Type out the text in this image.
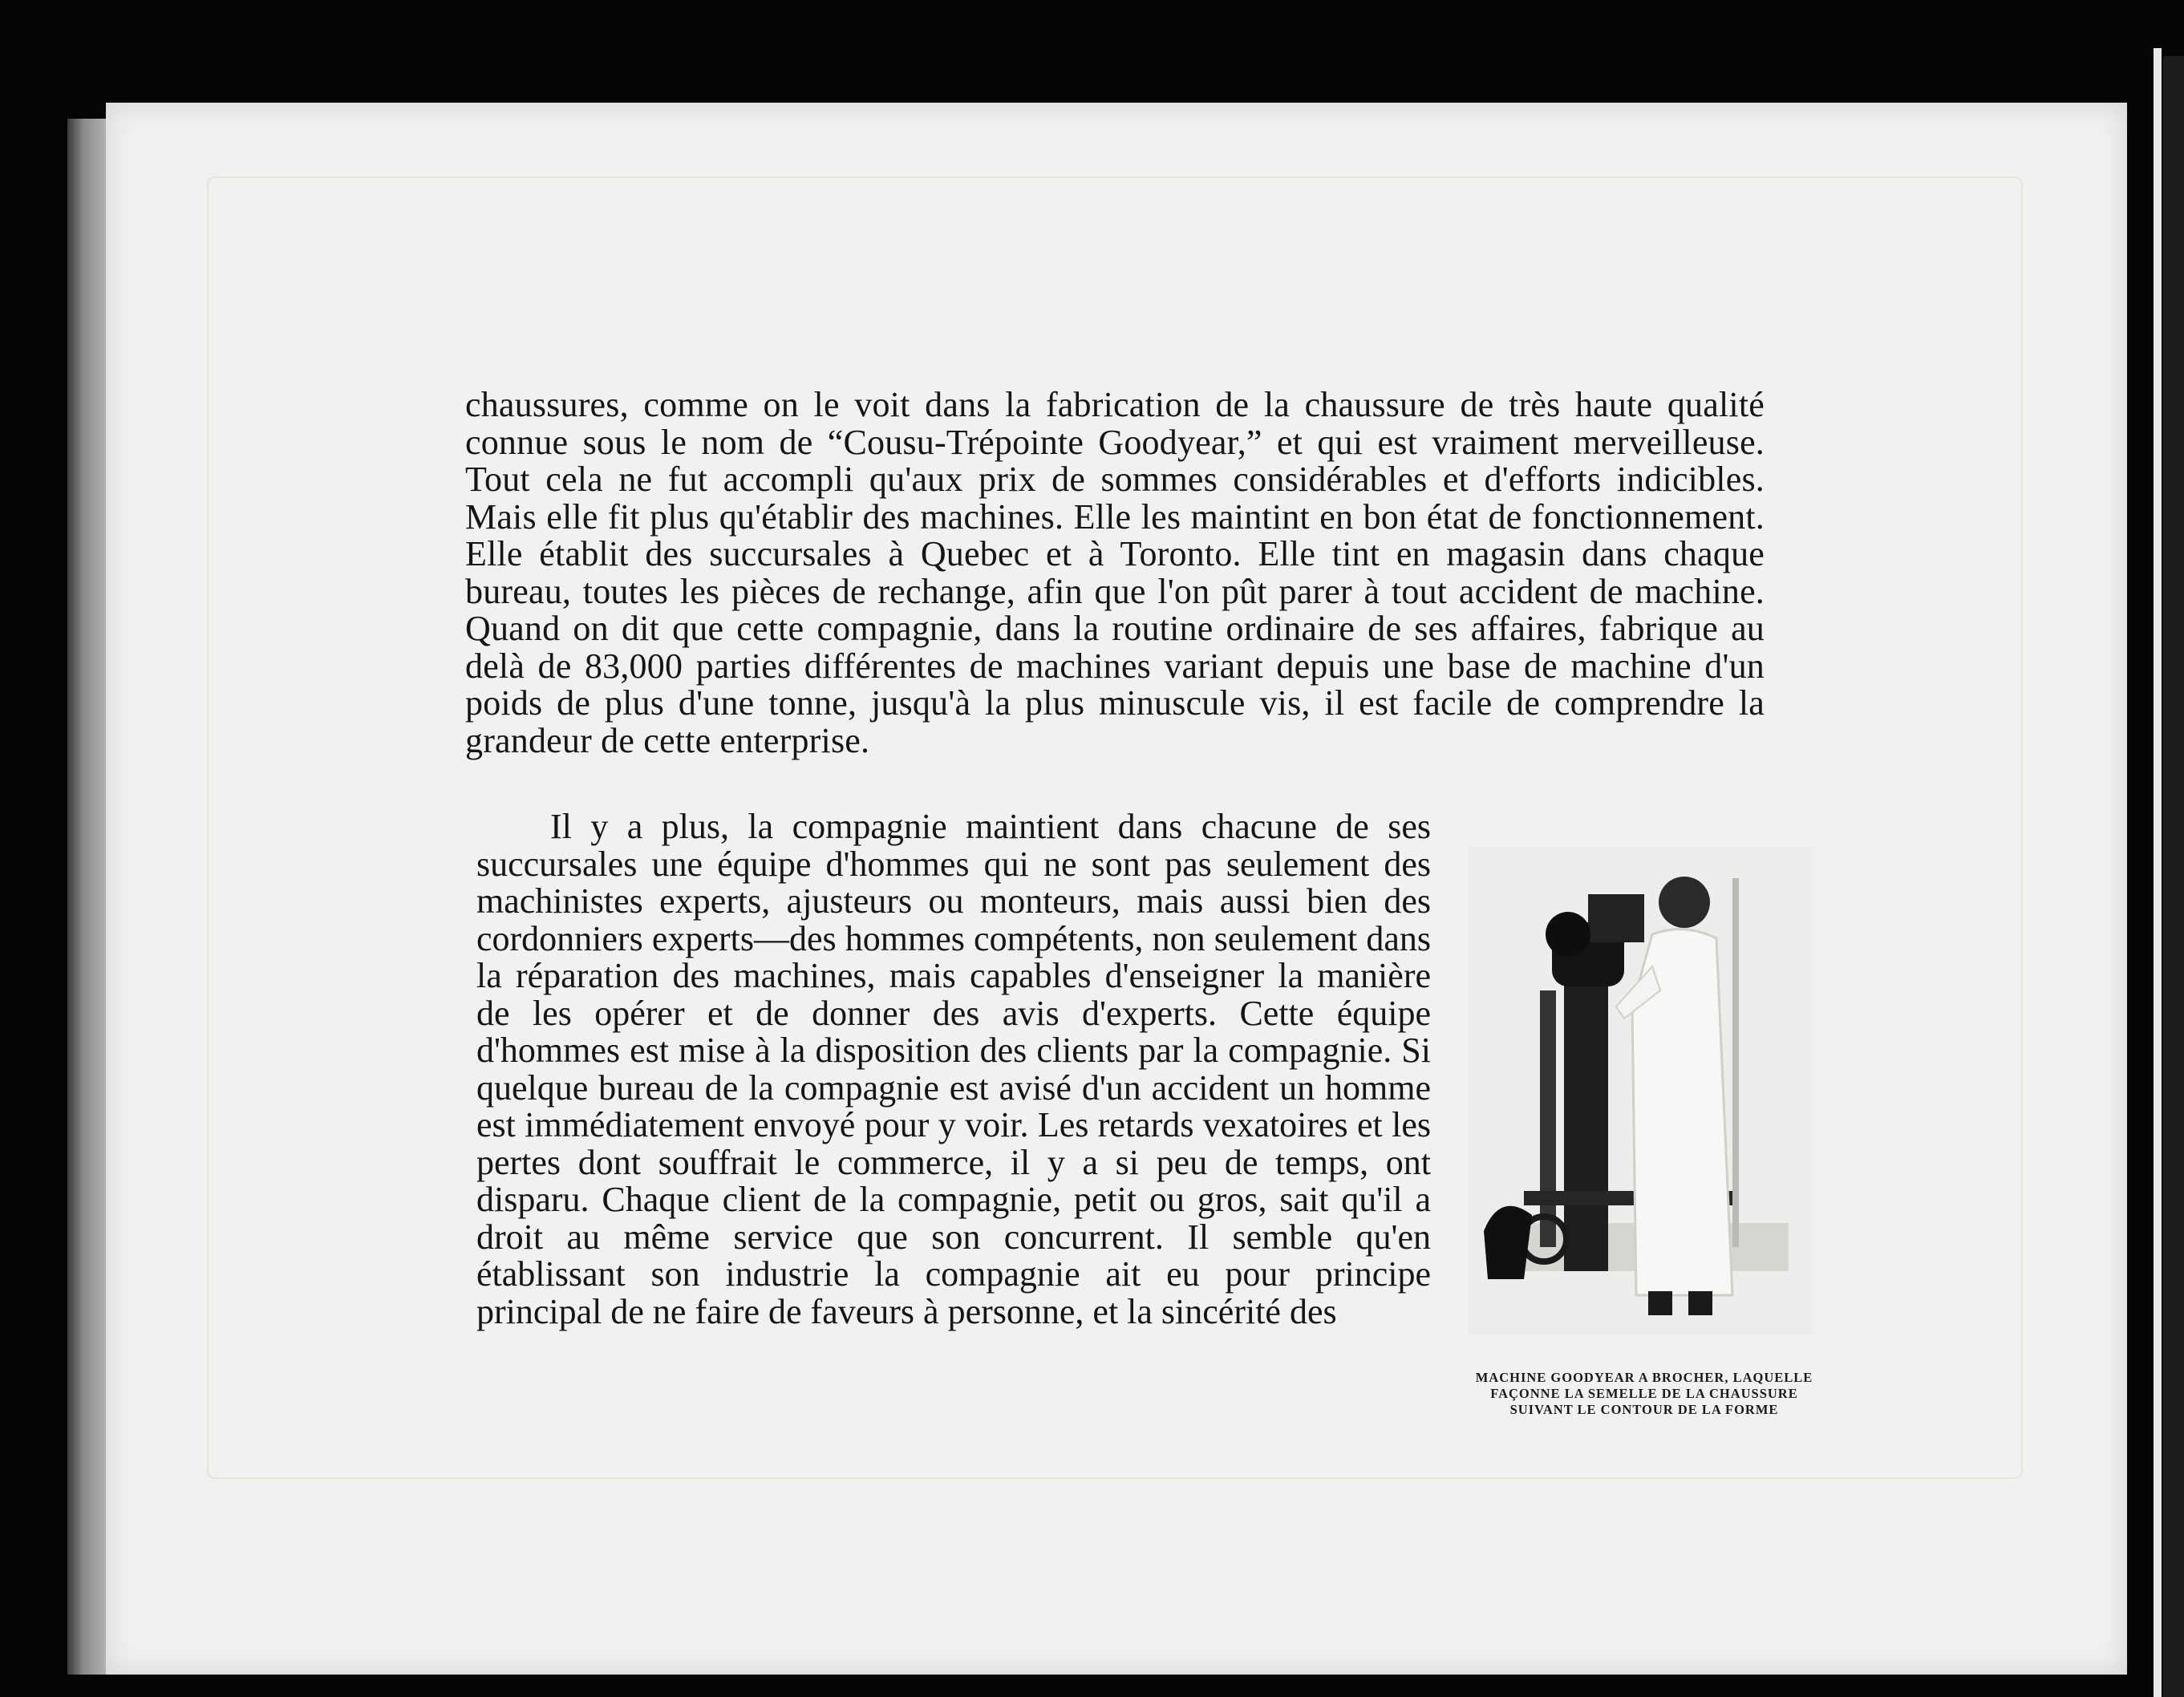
chaussures, comme on le voit dans la fabrication de la chaussure de très haute qualité connue sous le nom de “Cousu-Trépointe Goodyear,” et qui est vraiment merveilleuse. Tout cela ne fut accompli qu'aux prix de sommes considérables et d'efforts indicibles. Mais elle fit plus qu'établir des machines. Elle les maintint en bon état de fonctionnement. Elle établit des succursales à Quebec et à Toronto. Elle tint en magasin dans chaque bureau, toutes les pièces de rechange, afin que l'on pût parer à tout accident de machine. Quand on dit que cette compagnie, dans la routine ordinaire de ses affaires, fabrique au delà de 83,000 parties différentes de machines variant depuis une base de machine d'un poids de plus d'une tonne, jusqu'à la plus minuscule vis, il est facile de comprendre la grandeur de cette enterprise.

Il y a plus, la compagnie maintient dans chacune de ses succursales une équipe d'hommes qui ne sont pas seulement des machinistes experts, ajusteurs ou monteurs, mais aussi bien des cordonniers experts—des hommes compétents, non seulement dans la réparation des machines, mais capables d'enseigner la manière de les opérer et de donner des avis d'experts. Cette équipe d'hommes est mise à la disposition des clients par la compagnie. Si quelque bureau de la compagnie est avisé d'un accident un homme est immédiatement envoyé pour y voir. Les retards vexatoires et les pertes dont souffrait le commerce, il y a si peu de temps, ont disparu. Chaque client de la compagnie, petit ou gros, sait qu'il a droit au même service que son concurrent. Il semble qu'en établissant son industrie la compagnie ait eu pour principe principal de ne faire de faveurs à personne, et la sincérité des

MACHINE GOODYEAR A BROCHER, LAQUELLE
FAÇONNE LA SEMELLE DE LA CHAUSSURE
SUIVANT LE CONTOUR DE LA FORME
